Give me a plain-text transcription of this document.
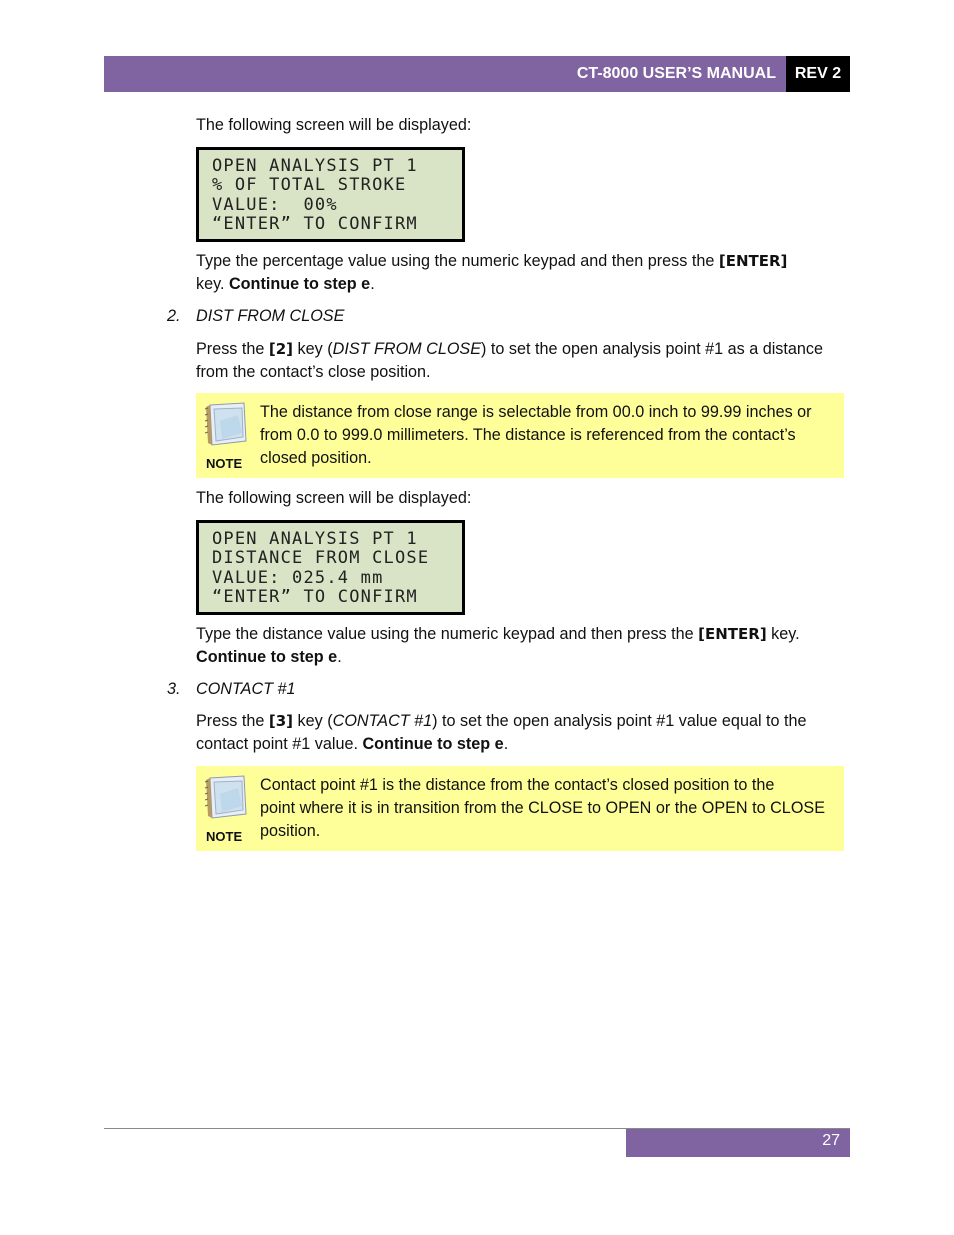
CT-8000 USER’S MANUAL	REV 2
The following screen will be displayed:
OPEN ANALYSIS PT 1
% OF TOTAL STROKE
VALUE:  00%
“ENTER” TO CONFIRM
Type the percentage value using the numeric keypad and then press the [ENTER]
key. Continue to step e.
2. DIST FROM CLOSE
Press the [2] key (DIST FROM CLOSE) to set the open analysis point #1 as a distance
from the contact’s close position.
NOTE
The distance from close range is selectable from 00.0 inch to 99.99 inches or
from 0.0 to 999.0 millimeters. The distance is referenced from the contact’s
closed position.
The following screen will be displayed:
OPEN ANALYSIS PT 1
DISTANCE FROM CLOSE
VALUE: 025.4 mm
“ENTER” TO CONFIRM
Type the distance value using the numeric keypad and then press the [ENTER] key.
Continue to step e.
3. CONTACT #1
Press the [3] key (CONTACT #1) to set the open analysis point #1 value equal to the
contact point #1 value. Continue to step e.
NOTE
Contact point #1 is the distance from the contact’s closed position to the
point where it is in transition from the CLOSE to OPEN or the OPEN to CLOSE
position.
27
